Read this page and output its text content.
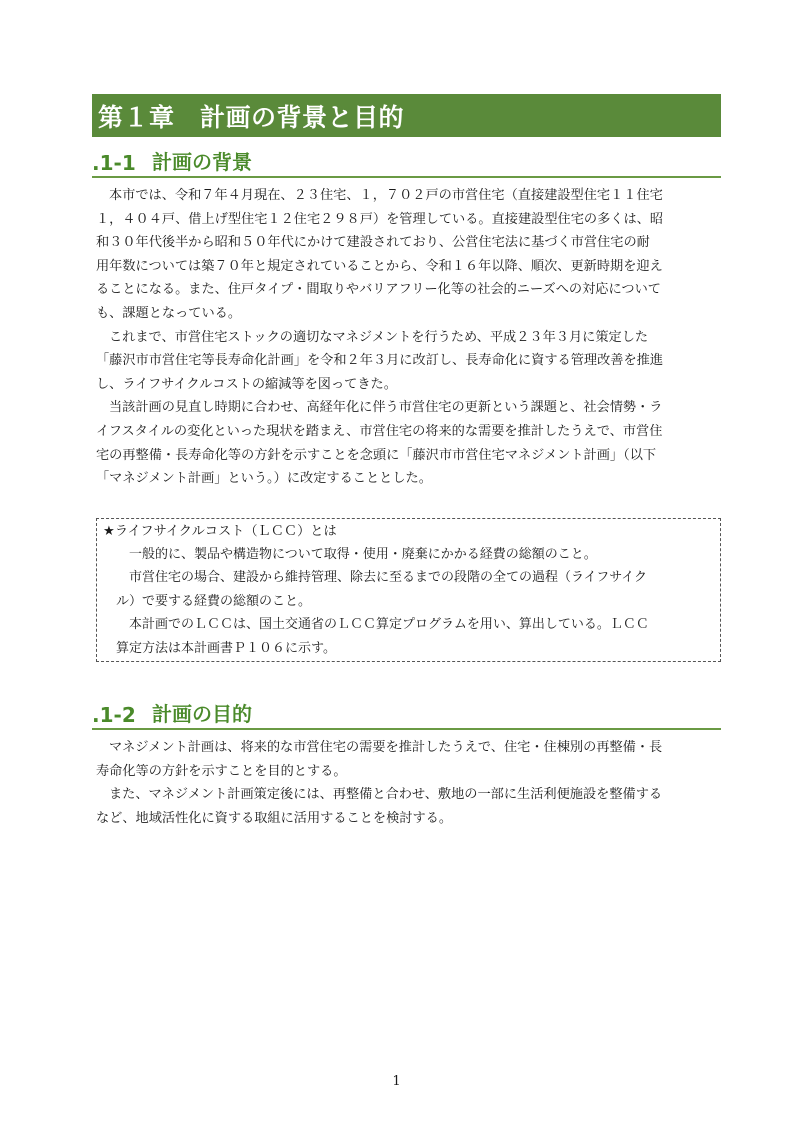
第１章　計画の背景と目的
.1-1 計画の背景
本市では、令和７年４月現在、２３住宅、１，７０２戸の市営住宅（直接建設型住宅１１住宅
１，４０４戸、借上げ型住宅１２住宅２９８戸）を管理している。直接建設型住宅の多くは、昭
和３０年代後半から昭和５０年代にかけて建設されており、公営住宅法に基づく市営住宅の耐
用年数については築７０年と規定されていることから、令和１６年以降、順次、更新時期を迎え
ることになる。また、住戸タイプ・間取りやバリアフリー化等の社会的ニーズへの対応について
も、課題となっている。
これまで、市営住宅ストックの適切なマネジメントを行うため、平成２３年３月に策定した
「藤沢市市営住宅等長寿命化計画」を令和２年３月に改訂し、長寿命化に資する管理改善を推進
し、ライフサイクルコストの縮減等を図ってきた。
当該計画の見直し時期に合わせ、高経年化に伴う市営住宅の更新という課題と、社会情勢・ラ
イフスタイルの変化といった現状を踏まえ、市営住宅の将来的な需要を推計したうえで、市営住
宅の再整備・長寿命化等の方針を示すことを念頭に「藤沢市市営住宅マネジメント計画」（以下
「マネジメント計画」という。）に改定することとした。
★ライフサイクルコスト（ＬＣＣ）とは
一般的に、製品や構造物について取得・使用・廃棄にかかる経費の総額のこと。
市営住宅の場合、建設から維持管理、除去に至るまでの段階の全ての過程（ライフサイク
ル）で要する経費の総額のこと。
本計画でのＬＣＣは、国土交通省のＬＣＣ算定プログラムを用い、算出している。ＬＣＣ
算定方法は本計画書Ｐ１０６に示す。
.1-2 計画の目的
マネジメント計画は、将来的な市営住宅の需要を推計したうえで、住宅・住棟別の再整備・長
寿命化等の方針を示すことを目的とする。
また、マネジメント計画策定後には、再整備と合わせ、敷地の一部に生活利便施設を整備する
など、地域活性化に資する取組に活用することを検討する。
1
